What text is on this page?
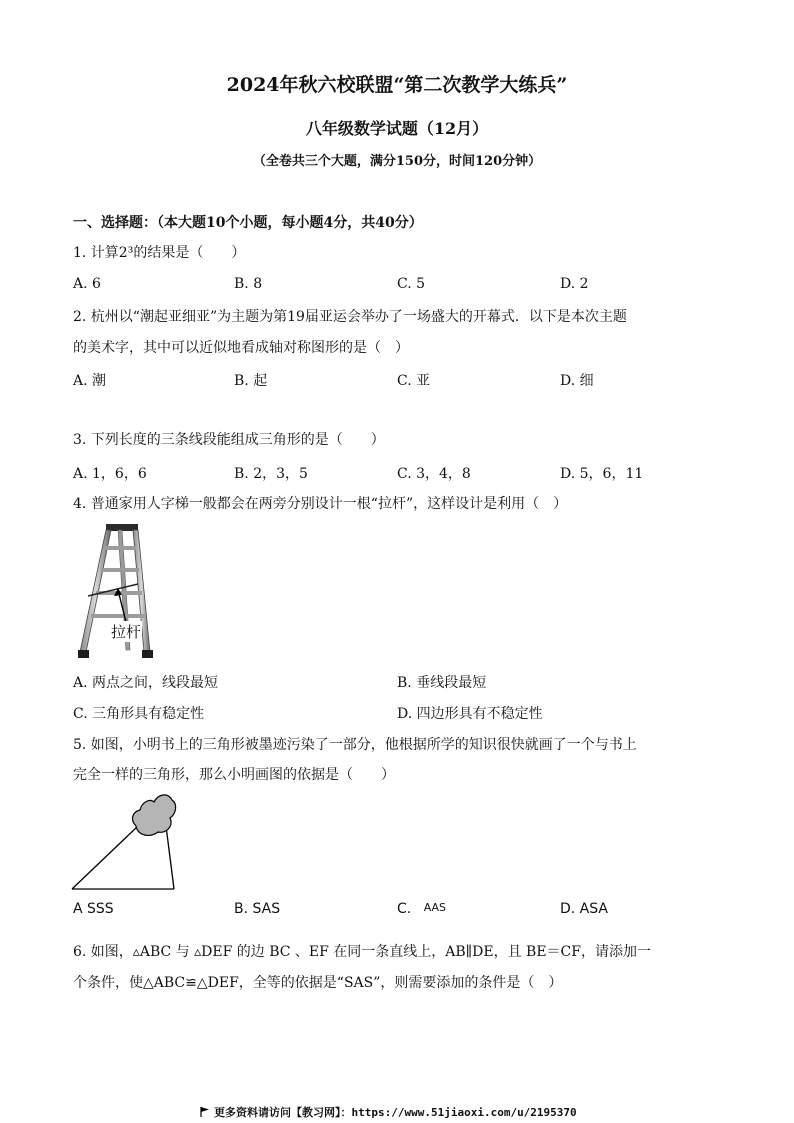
2024年秋六校联盟“第二次教学大练兵”
八年级数学试题（12月）
（全卷共三个大题，满分150分，时间120分钟）
一、选择题：（本大题10个小题，每小题4分，共40分）
1. 计算2³的结果是（　　）
A. 6	B. 8	C. 5	D. 2
2. 杭州以“潮起亚细亚”为主题为第19届亚运会举办了一场盛大的开幕式．以下是本次主题
的美术字，其中可以近似地看成轴对称图形的是（　）
A. 潮	B. 起	C. 亚	D. 细
3. 下列长度的三条线段能组成三角形的是（　　）
A. 1，6，6	B. 2，3，5	C. 3，4，8	D. 5，6，11
4. 普通家用人字梯一般都会在两旁分别设计一根“拉杆”，这样设计是利用（　）
拉杆
A. 两点之间，线段最短	B. 垂线段最短
C. 三角形具有稳定性	D. 四边形具有不稳定性
5. 如图，小明书上的三角形被墨迹污染了一部分，他根据所学的知识很快就画了一个与书上
完全一样的三角形，那么小明画图的依据是（　　）
A SSS	B. SAS	C. AAS	D. ASA
6. 如图，▵ABC 与 ▵DEF 的边 BC 、EF 在同一条直线上，AB∥DE，且 BE＝CF，请添加一
个条件，使△ABC≌△DEF，全等的依据是“SAS”，则需要添加的条件是（　）
更多资料请访问【教习网】：https://www.51jiaoxi.com/u/2195370
